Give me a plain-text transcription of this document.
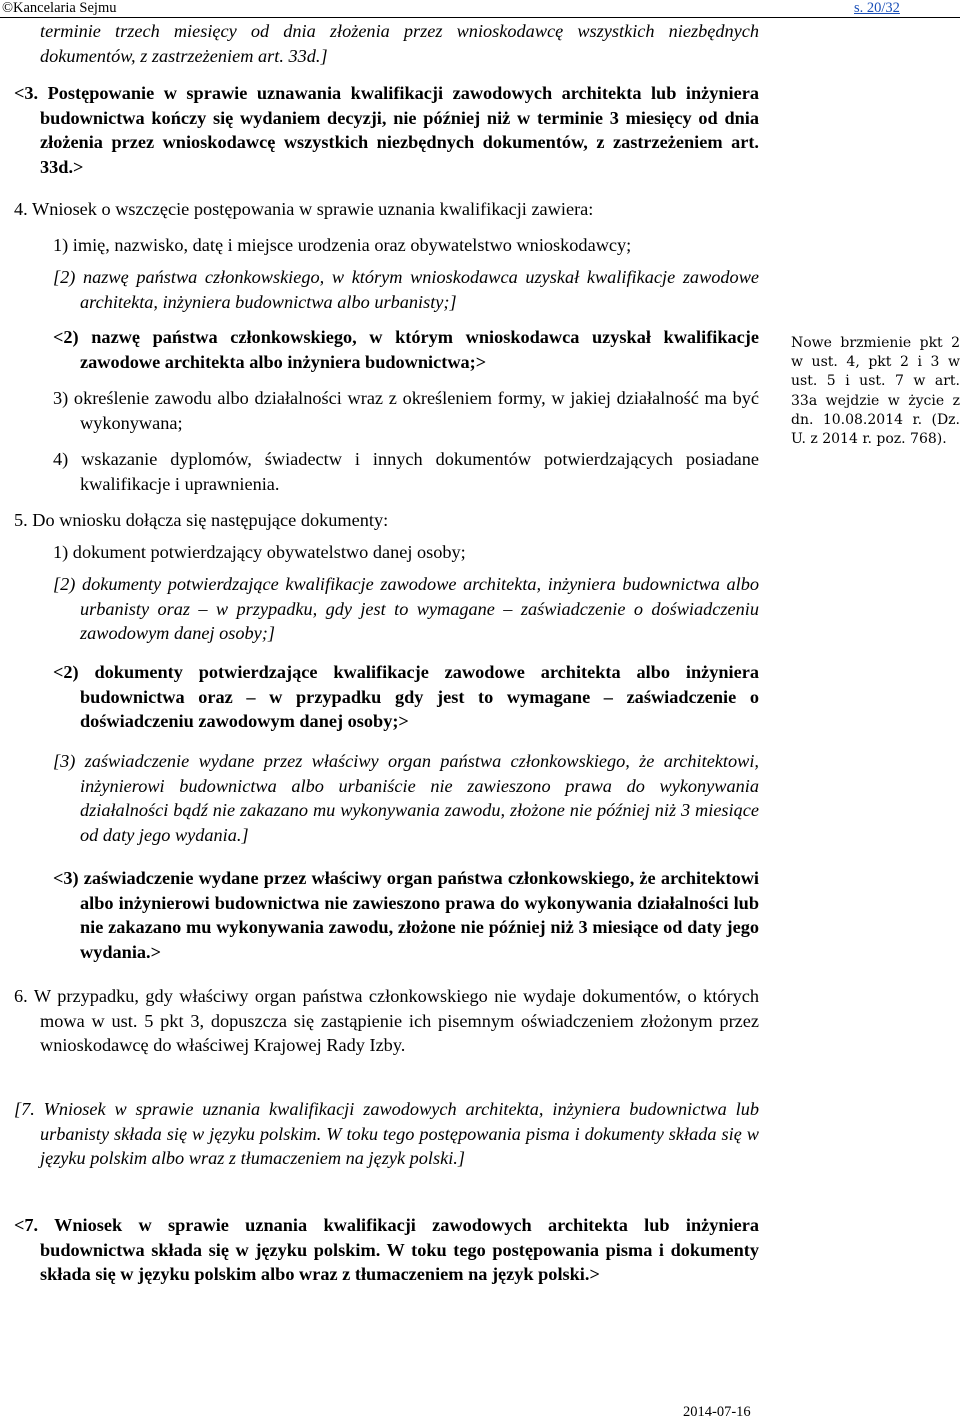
©Kancelaria Sejmu	s. 20/32

terminie trzech miesięcy od dnia złożenia przez wnioskodawcę wszystkich niezbędnych dokumentów, z zastrzeżeniem art. 33d.]

<3. Postępowanie w sprawie uznawania kwalifikacji zawodowych architekta lub inżyniera budownictwa kończy się wydaniem decyzji, nie później niż w terminie 3 miesięcy od dnia złożenia przez wnioskodawcę wszystkich niezbędnych dokumentów, z zastrzeżeniem art. 33d.>

4. Wniosek o wszczęcie postępowania w sprawie uznania kwalifikacji zawiera:

1) imię, nazwisko, datę i miejsce urodzenia oraz obywatelstwo wnioskodawcy;

[2) nazwę państwa członkowskiego, w którym wnioskodawca uzyskał kwalifikacje zawodowe architekta, inżyniera budownictwa albo urbanisty;]

<2) nazwę państwa członkowskiego, w którym wnioskodawca uzyskał kwalifikacje zawodowe architekta albo inżyniera budownictwa;>

3) określenie zawodu albo działalności wraz z określeniem formy, w jakiej działalność ma być wykonywana;

4) wskazanie dyplomów, świadectw i innych dokumentów potwierdzających posiadane kwalifikacje i uprawnienia.

5. Do wniosku dołącza się następujące dokumenty:

1) dokument potwierdzający obywatelstwo danej osoby;

[2) dokumenty potwierdzające kwalifikacje zawodowe architekta, inżyniera budownictwa albo urbanisty oraz – w przypadku, gdy jest to wymagane – zaświadczenie o doświadczeniu zawodowym danej osoby;]

<2) dokumenty potwierdzające kwalifikacje zawodowe architekta albo inżyniera budownictwa oraz – w przypadku gdy jest to wymagane – zaświadczenie o doświadczeniu zawodowym danej osoby;>

[3) zaświadczenie wydane przez właściwy organ państwa członkowskiego, że architektowi, inżynierowi budownictwa albo urbaniście nie zawieszono prawa do wykonywania działalności bądź nie zakazano mu wykonywania zawodu, złożone nie później niż 3 miesiące od daty jego wydania.]

<3) zaświadczenie wydane przez właściwy organ państwa członkowskiego, że architektowi albo inżynierowi budownictwa nie zawieszono prawa do wykonywania działalności lub nie zakazano mu wykonywania zawodu, złożone nie później niż 3 miesiące od daty jego wydania.>

6. W przypadku, gdy właściwy organ państwa członkowskiego nie wydaje dokumentów, o których mowa w ust. 5 pkt 3, dopuszcza się zastąpienie ich pisemnym oświadczeniem złożonym przez wnioskodawcę do właściwej Krajowej Rady Izby.

[7. Wniosek w sprawie uznania kwalifikacji zawodowych architekta, inżyniera budownictwa lub urbanisty składa się w języku polskim. W toku tego postępowania pisma i dokumenty składa się w języku polskim albo wraz z tłumaczeniem na język polski.]

<7. Wniosek w sprawie uznania kwalifikacji zawodowych architekta lub inżyniera budownictwa składa się w języku polskim. W toku tego postępowania pisma i dokumenty składa się w języku polskim albo wraz z tłumaczeniem na język polski.>

Nowe brzmienie pkt 2 w ust. 4, pkt 2 i 3 w ust. 5 i ust. 7 w art. 33a wejdzie w życie z dn. 10.08.2014 r. (Dz. U. z 2014 r. poz. 768).
2014-07-16
